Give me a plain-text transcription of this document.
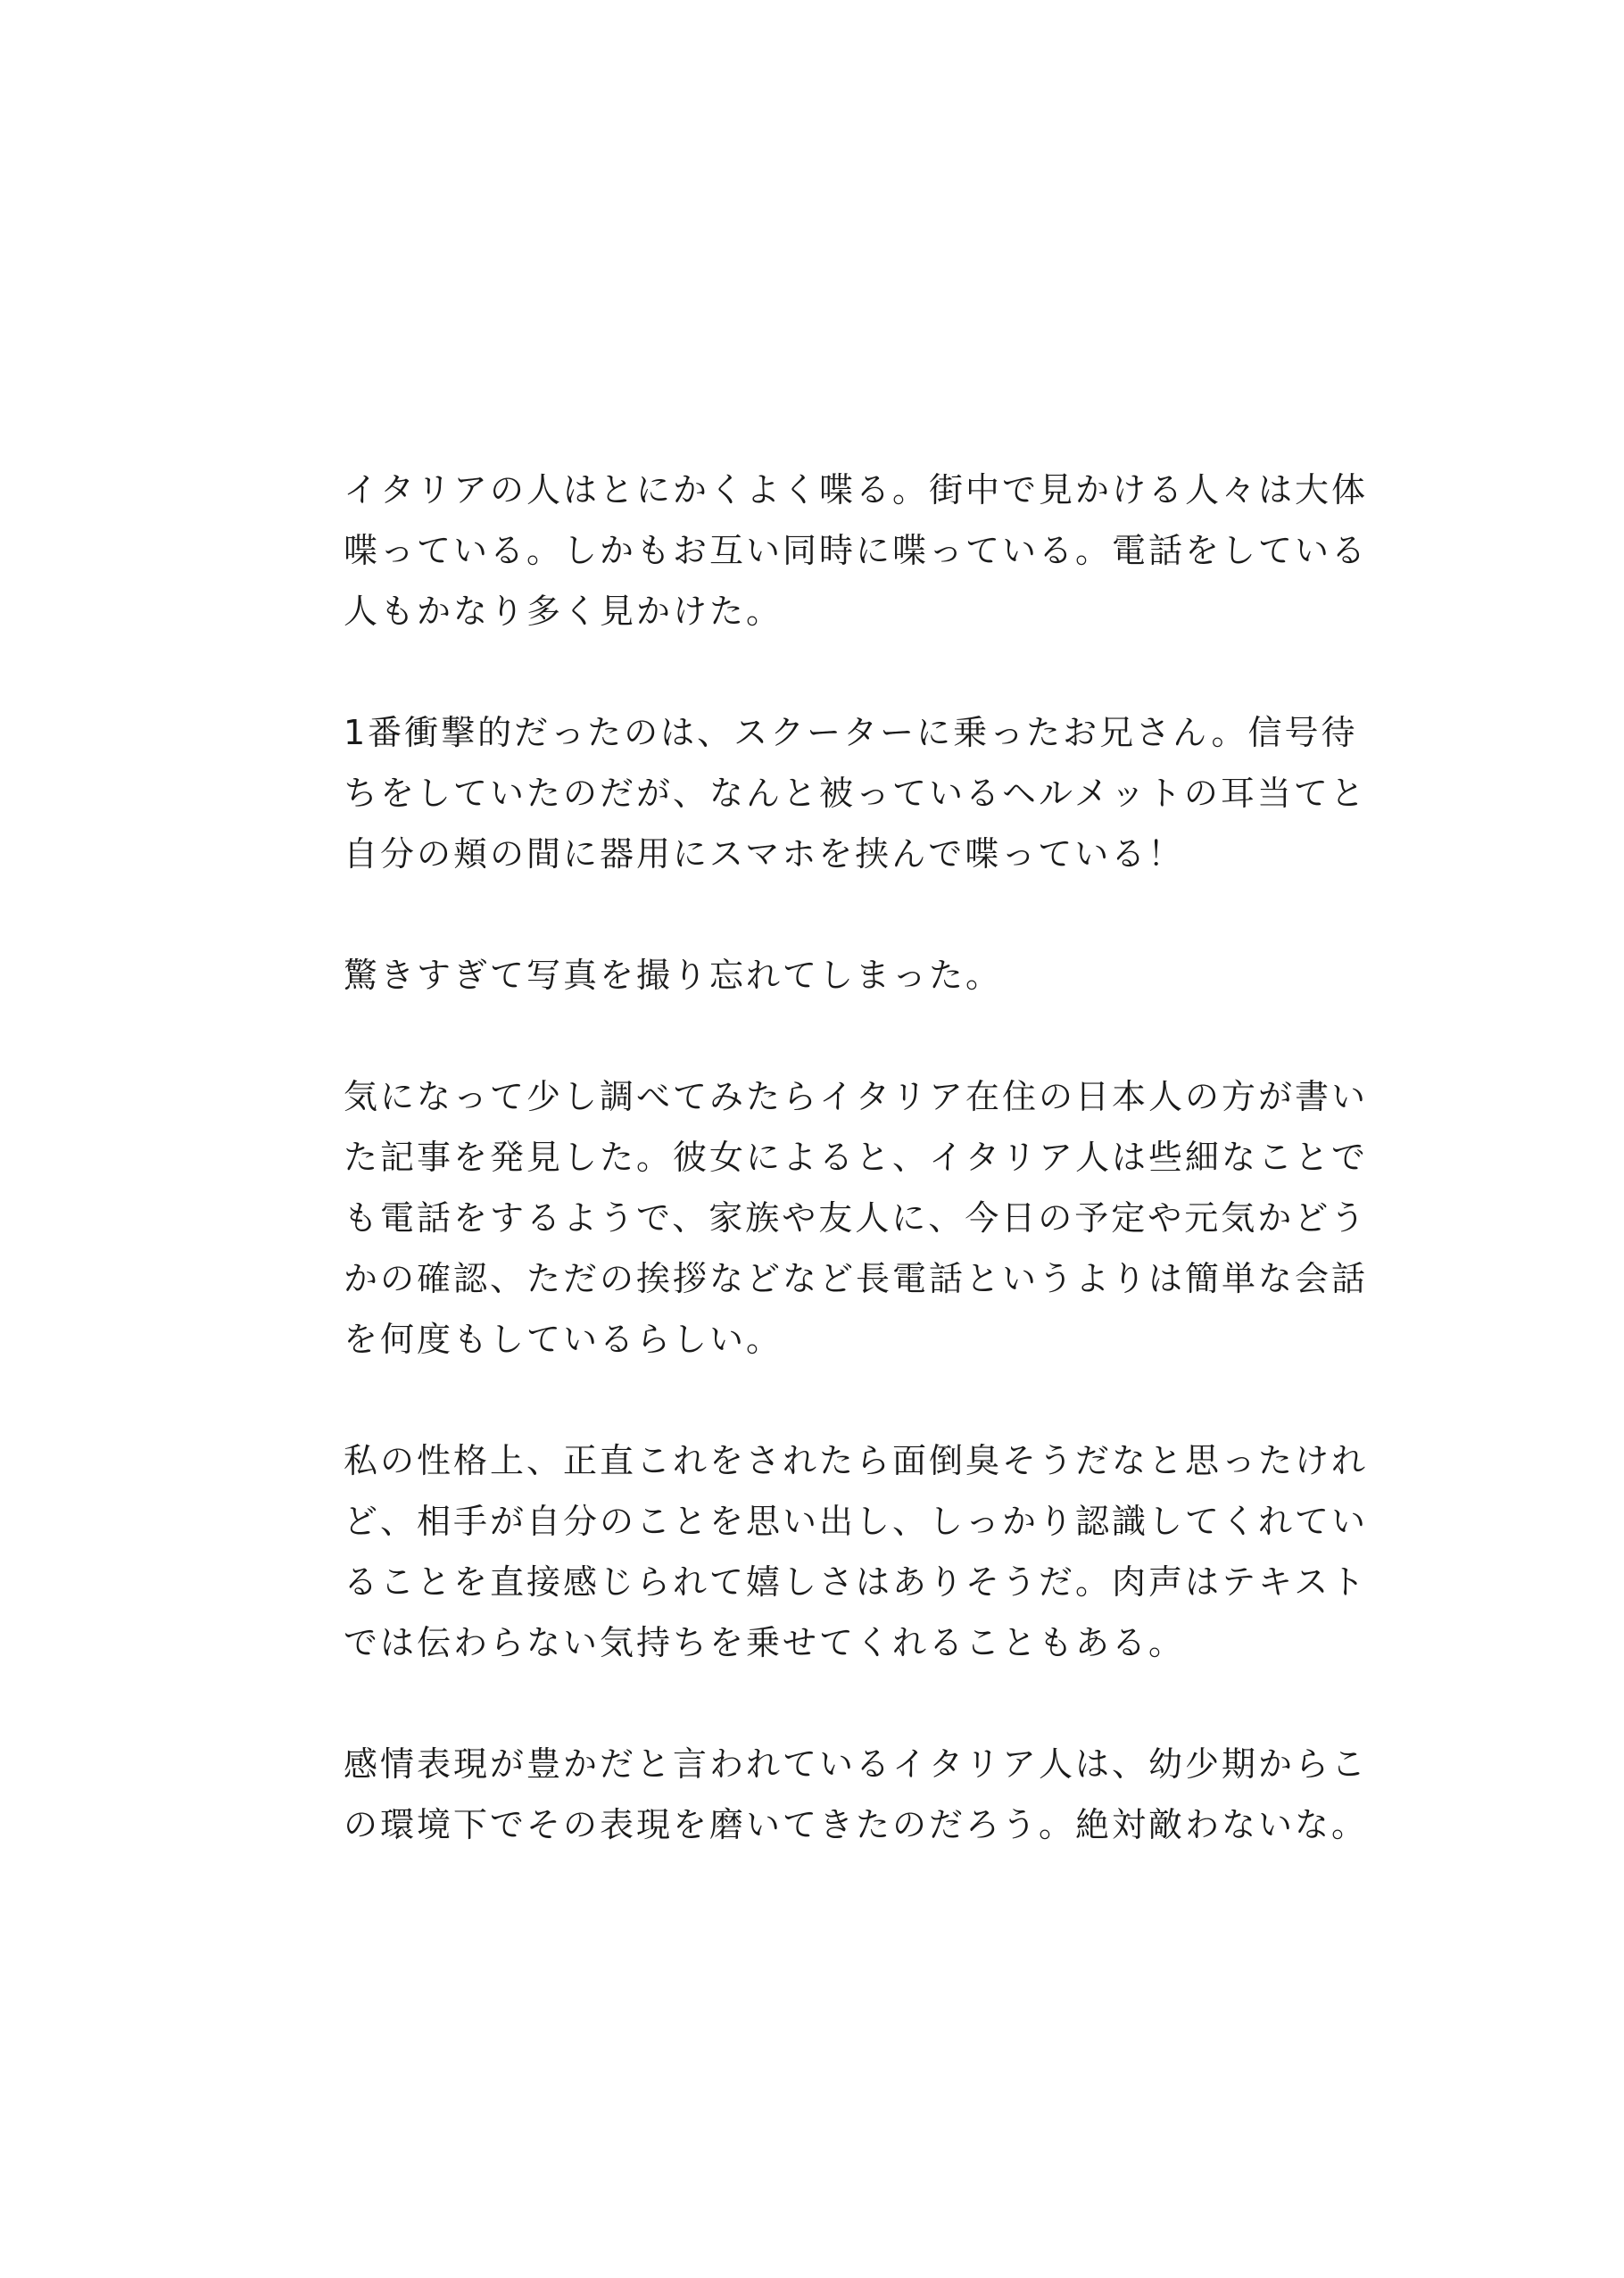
イタリアの人はとにかくよく喋る。街中で見かける人々は大体
喋っている。しかもお互い同時に喋っている。電話をしている
人もかなり多く見かけた。
1番衝撃的だったのは、スクーターに乗ったお兄さん。信号待
ちをしていたのだが、なんと被っているヘルメットの耳当てと
自分の頬の間に器用にスマホを挟んで喋っている！
驚きすぎて写真を撮り忘れてしまった。
気になって少し調べてみたらイタリア在住の日本人の方が書い
た記事を発見した。彼女によると、イタリア人は些細なことで
も電話をするようで、家族や友人に、今日の予定や元気かどう
かの確認、ただの挨拶などなど長電話というよりは簡単な会話
を何度もしているらしい。
私の性格上、正直これをされたら面倒臭そうだなと思ったけれ
ど、相手が自分のことを思い出し、しっかり認識してくれてい
ることを直接感じられて嬉しさはありそうだ。肉声はテキスト
では伝わらない気持ちを乗せてくれることもある。
感情表現が豊かだと言われているイタリア人は、幼少期からこ
の環境下でその表現を磨いてきたのだろう。絶対敵わないな。
